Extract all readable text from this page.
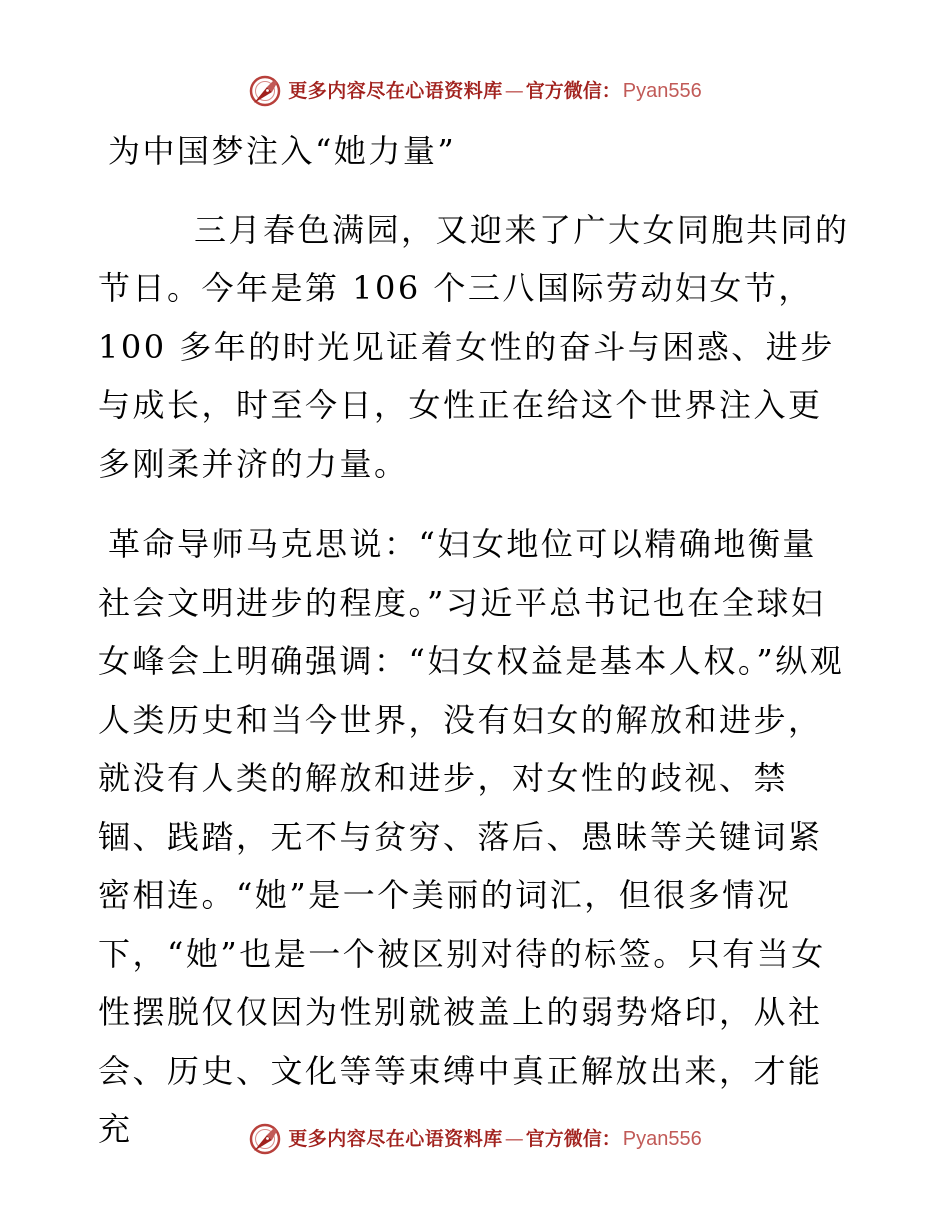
更多内容尽在心语资料库 — 官方微信： Pyan556

为中国梦注入“她力量”

三月春色满园，又迎来了广大女同胞共同的节日。今年是第 106 个三八国际劳动妇女节，100 多年的时光见证着女性的奋斗与困惑、进步与成长，时至今日，女性正在给这个世界注入更多刚柔并济的力量。

革命导师马克思说：“妇女地位可以精确地衡量社会文明进步的程度。”习近平总书记也在全球妇女峰会上明确强调：“妇女权益是基本人权。”纵观人类历史和当今世界，没有妇女的解放和进步，就没有人类的解放和进步，对女性的歧视、禁锢、践踏，无不与贫穷、落后、愚昧等关键词紧密相连。“她”是一个美丽的词汇，但很多情况下，“她”也是一个被区别对待的标签。只有当女性摆脱仅仅因为性别就被盖上的弱势烙印，从社会、历史、文化等等束缚中真正解放出来，才能充	更多内容尽在心语资料库 — 官方微信： Pyan556
